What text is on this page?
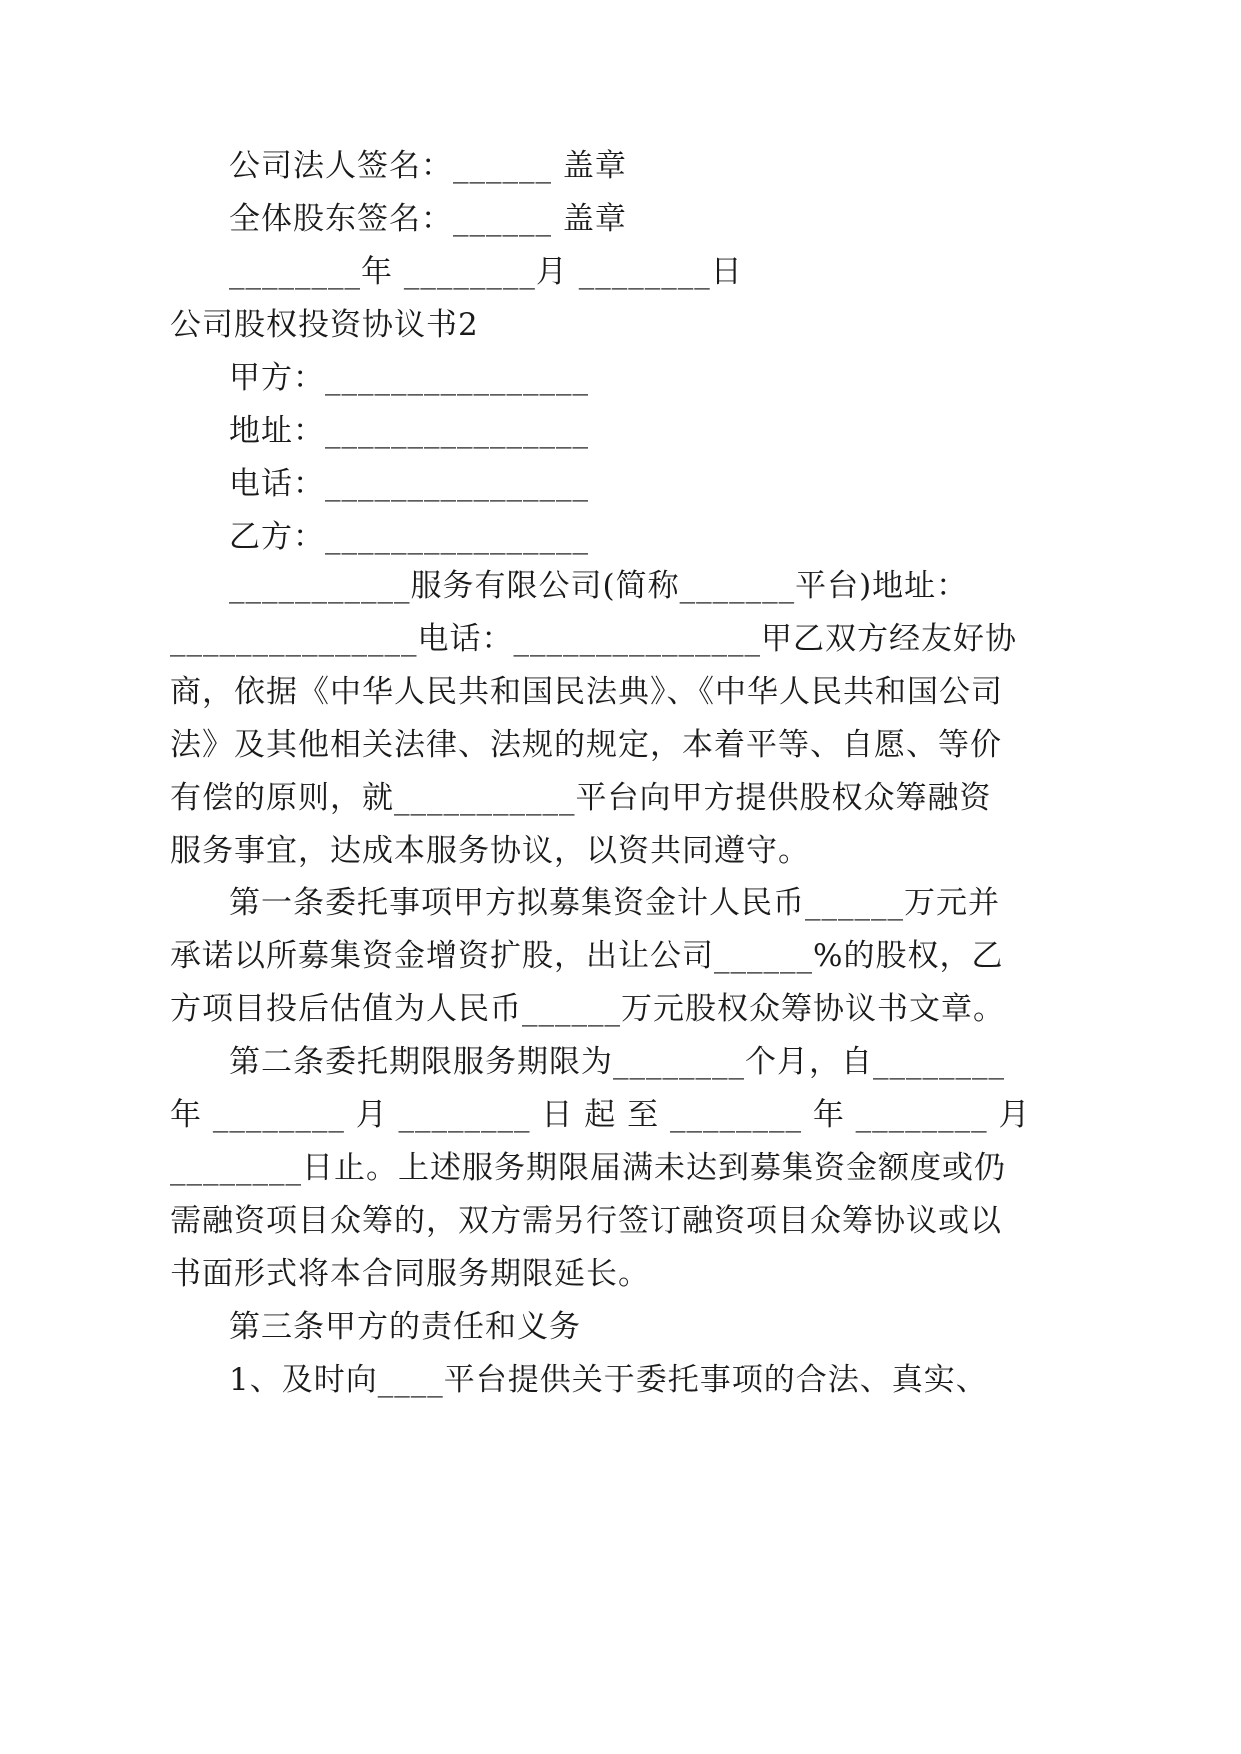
公司法人签名：______ 盖章
全体股东签名：______ 盖章
________年 ________月 ________日
公司股权投资协议书2
甲方：________________
地址：________________
电话：________________
乙方：________________
___________服务有限公司(简称_______平台)地址：
_______________电话：_______________甲乙双方经友好协
商，依据《中华人民共和国民法典》、《中华人民共和国公司
法》及其他相关法律、法规的规定，本着平等、自愿、等价
有偿的原则，就___________平台向甲方提供股权众筹融资
服务事宜，达成本服务协议，以资共同遵守。
第一条委托事项甲方拟募集资金计人民币______万元并
承诺以所募集资金增资扩股，出让公司______%的股权，乙
方项目投后估值为人民币______万元股权众筹协议书文章。
第二条委托期限服务期限为________个月，自________
年 ________ 月 ________ 日 起 至 ________ 年 ________ 月
________日止。上述服务期限届满未达到募集资金额度或仍
需融资项目众筹的，双方需另行签订融资项目众筹协议或以
书面形式将本合同服务期限延长。
第三条甲方的责任和义务
1、及时向____平台提供关于委托事项的合法、真实、
